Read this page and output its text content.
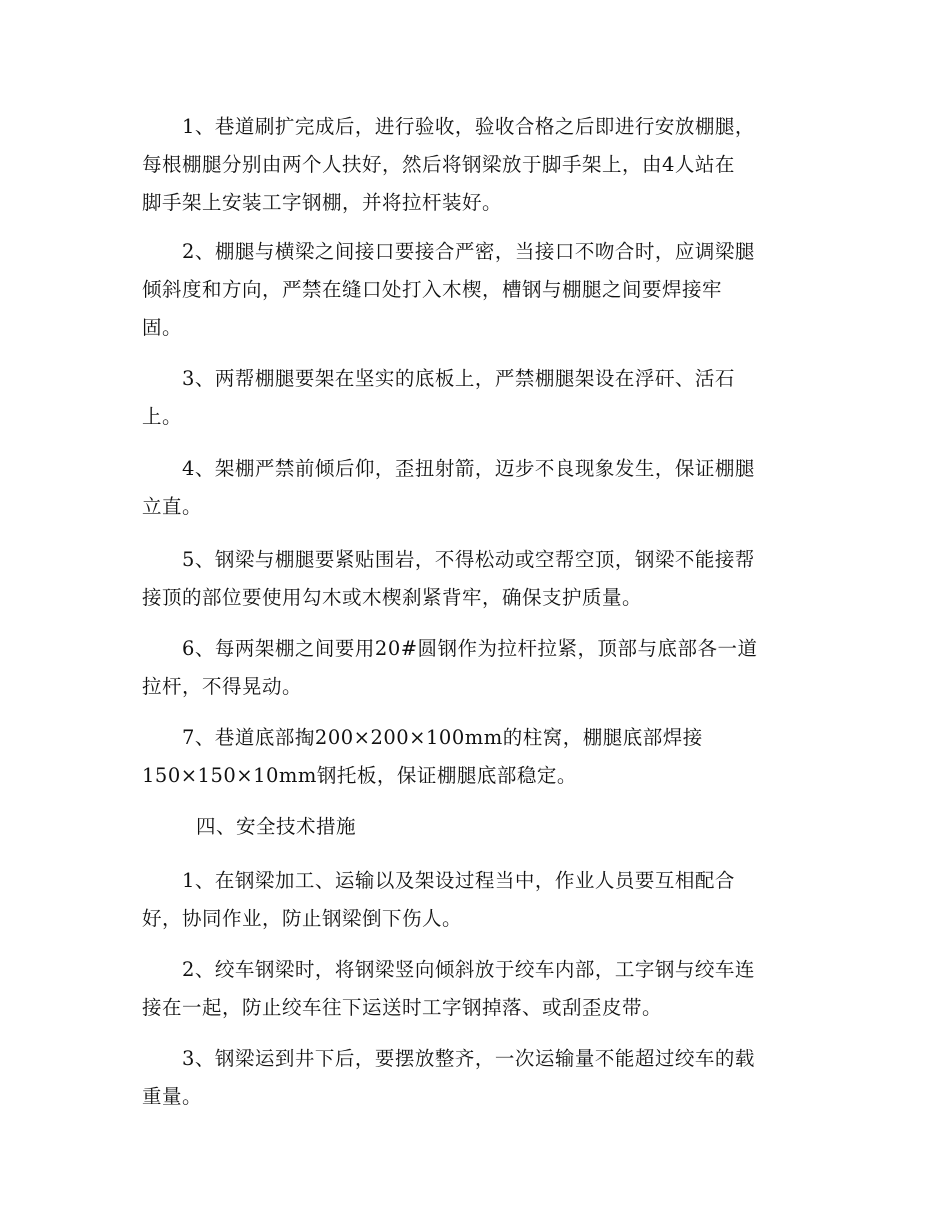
1、巷道刷扩完成后，进行验收，验收合格之后即进行安放棚腿，
每根棚腿分别由两个人扶好，然后将钢梁放于脚手架上，由4人站在
脚手架上安装工字钢棚，并将拉杆装好。
2、棚腿与横梁之间接口要接合严密，当接口不吻合时，应调梁腿
倾斜度和方向，严禁在缝口处打入木楔，槽钢与棚腿之间要焊接牢
固。
3、两帮棚腿要架在坚实的底板上，严禁棚腿架设在浮矸、活石
上。
4、架棚严禁前倾后仰，歪扭射箭，迈步不良现象发生，保证棚腿
立直。
5、钢梁与棚腿要紧贴围岩，不得松动或空帮空顶，钢梁不能接帮
接顶的部位要使用勾木或木楔刹紧背牢，确保支护质量。
6、每两架棚之间要用20#圆钢作为拉杆拉紧，顶部与底部各一道
拉杆，不得晃动。
7、巷道底部掏200×200×100mm的柱窝，棚腿底部焊接
150×150×10mm钢托板，保证棚腿底部稳定。
四、安全技术措施
1、在钢梁加工、运输以及架设过程当中，作业人员要互相配合
好，协同作业，防止钢梁倒下伤人。
2、绞车钢梁时，将钢梁竖向倾斜放于绞车内部，工字钢与绞车连
接在一起，防止绞车往下运送时工字钢掉落、或刮歪皮带。
3、钢梁运到井下后，要摆放整齐，一次运输量不能超过绞车的载
重量。
